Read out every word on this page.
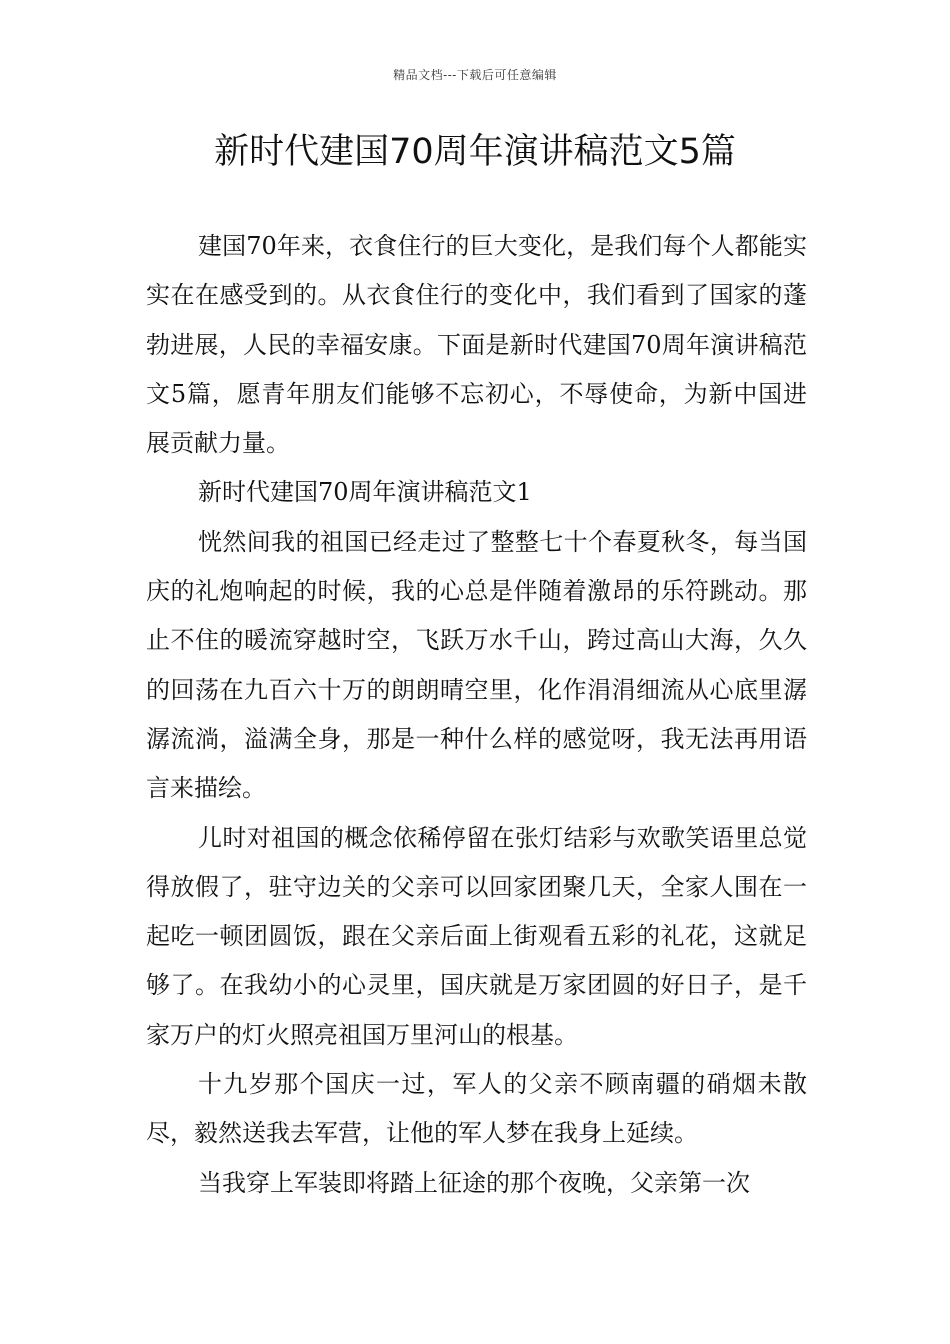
精品文档---下载后可任意编辑
新时代建国70周年演讲稿范文5篇

建国70年来，衣食住行的巨大变化，是我们每个人都能实实在在感受到的。从衣食住行的变化中，我们看到了国家的蓬勃进展，人民的幸福安康。下面是新时代建国70周年演讲稿范文5篇，愿青年朋友们能够不忘初心，不辱使命，为新中国进展贡献力量。

新时代建国70周年演讲稿范文1

恍然间我的祖国已经走过了整整七十个春夏秋冬，每当国庆的礼炮响起的时候，我的心总是伴随着激昂的乐符跳动。那止不住的暖流穿越时空，飞跃万水千山，跨过高山大海，久久的回荡在九百六十万的朗朗晴空里，化作涓涓细流从心底里潺潺流淌，溢满全身，那是一种什么样的感觉呀，我无法再用语言来描绘。

儿时对祖国的概念依稀停留在张灯结彩与欢歌笑语里总觉得放假了，驻守边关的父亲可以回家团聚几天，全家人围在一起吃一顿团圆饭，跟在父亲后面上街观看五彩的礼花，这就足够了。在我幼小的心灵里，国庆就是万家团圆的好日子，是千家万户的灯火照亮祖国万里河山的根基。

十九岁那个国庆一过，军人的父亲不顾南疆的硝烟未散尽，毅然送我去军营，让他的军人梦在我身上延续。

当我穿上军装即将踏上征途的那个夜晚，父亲第一次
